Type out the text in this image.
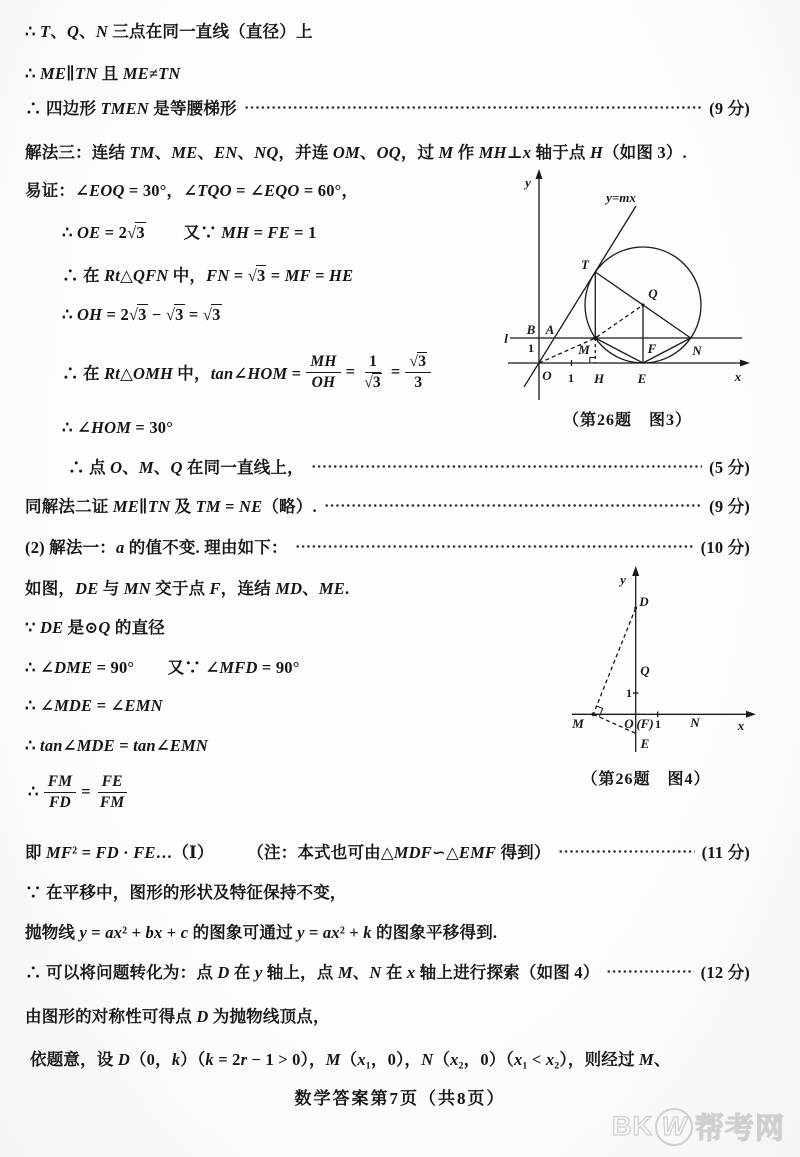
∴ T、Q、N 三点在同一直线（直径）上
∴ ME∥TN 且 ME≠TN
∴ 四边形 TMEN 是等腰梯形	(9 分)
解法三：连结 TM、ME、EN、NQ，并连 OM、OQ，过 M 作 MH⊥x 轴于点 H（如图 3）.
易证：∠EOQ = 30°，∠TQO = ∠EQO = 60°，
∴ OE = 2√3 　　又∵ MH = FE = 1
∴ 在 Rt△QFN 中，FN = √3 = MF = HE
∴ OH = 2√3 − √3 = √3
∴ 在 Rt△OMH 中，tan∠HOM = $\frac{MH}{OH} = \frac{1}{√3} = \frac{√3}{3}$
∴ ∠HOM = 30°
∴ 点 O、M、Q 在同一直线上，	(5 分)
同解法二证 ME∥TN 及 TM = NE（略）.	(9 分)
(2) 解法一：a 的值不变. 理由如下：	(10 分)
如图，DE 与 MN 交于点 F，连结 MD、ME.
∵ DE 是⊙Q 的直径
∴ ∠DME = 90°　　又∵ ∠MFD = 90°
∴ ∠MDE = ∠EMN
∴ tan∠MDE = tan∠EMN
∴ $\frac{FM}{FD} = \frac{FE}{FM}$
即 MF² = FD · FE…（Ⅰ）　　　（注：本式也可由△MDF∽△EMF 得到）	(11 分)
∵ 在平移中，图形的形状及特征保持不变，
抛物线 y = ax² + bx + c 的图象可通过 y = ax² + k 的图象平移得到.
∴ 可以将问题转化为：点 D 在 y 轴上，点 M、N 在 x 轴上进行探索（如图 4）	(12 分)
由图形的对称性可得点 D 为抛物线顶点，
依题意，设 D（0，k）（k = 2r − 1 > 0），M（x₁，0），N（x₂，0）（x₁ < x₂），则经过 M、
y
x
O
l
y=mx
T
Q
B A
M	F	N
H	E
1
1
（第26题　图3）
y
x
D
Q
1
M	O (F) 1 N
E
（第26题　图4）
数学答案第7页（共8页）
B K W 帮考网
